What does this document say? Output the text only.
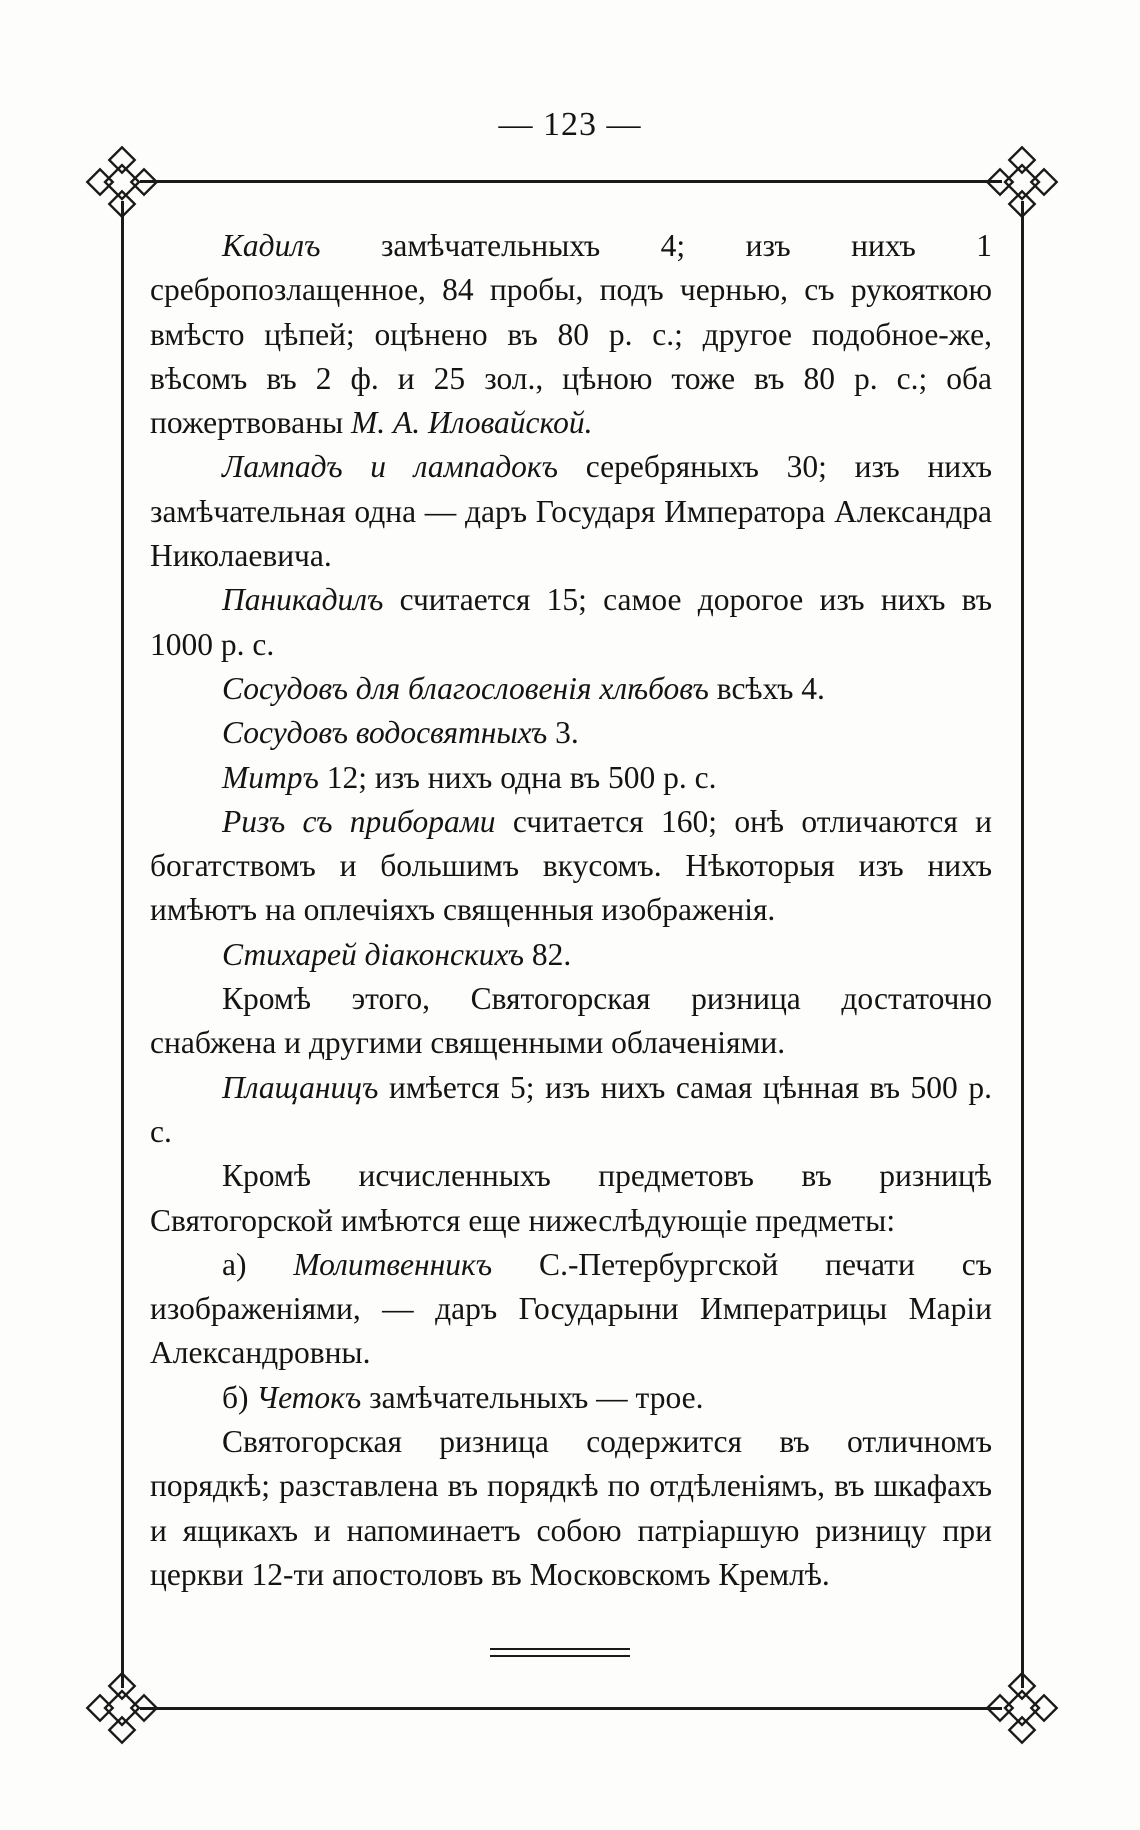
— 123 —

Кадилъ замѣчательныхъ 4; изъ нихъ 1 сребропозлащенное, 84 пробы, подъ чернью, съ рукояткою вмѣсто цѣпей; оцѣнено въ 80 р. с.; другое подобное-же, вѣсомъ въ 2 ф. и 25 зол., цѣною тоже въ 80 р. с.; оба пожертвованы М. А. Иловайской.

Лампадъ и лампадокъ серебряныхъ 30; изъ нихъ замѣчательная одна — даръ Государя Императора Александра Николаевича.

Паникадилъ считается 15; самое дорогое изъ нихъ въ 1000 р. с.

Сосудовъ для благословенія хлѣбовъ всѣхъ 4.

Сосудовъ водосвятныхъ 3.

Митръ 12; изъ нихъ одна въ 500 р. с.

Ризъ съ приборами считается 160; онѣ отличаются и богатствомъ и большимъ вкусомъ. Нѣкоторыя изъ нихъ имѣютъ на оплечіяхъ священныя изображенія.

Стихарей діаконскихъ 82.

Кромѣ этого, Святогорская ризница достаточно снабжена и другими священными облаченіями.

Плащаницъ имѣется 5; изъ нихъ самая цѣнная въ 500 р. с.

Кромѣ исчисленныхъ предметовъ въ ризницѣ Святогорской имѣются еще нижеслѣдующіе предметы:

а) Молитвенникъ С.-Петербургской печати съ изображеніями, — даръ Государыни Императрицы Маріи Александровны.

б) Четокъ замѣчательныхъ — трое.

Святогорская ризница содержится въ отличномъ порядкѣ; разставлена въ порядкѣ по отдѣленіямъ, въ шкафахъ и ящикахъ и напоминаетъ собою патріаршую ризницу при церкви 12-ти апостоловъ въ Московскомъ Кремлѣ.
